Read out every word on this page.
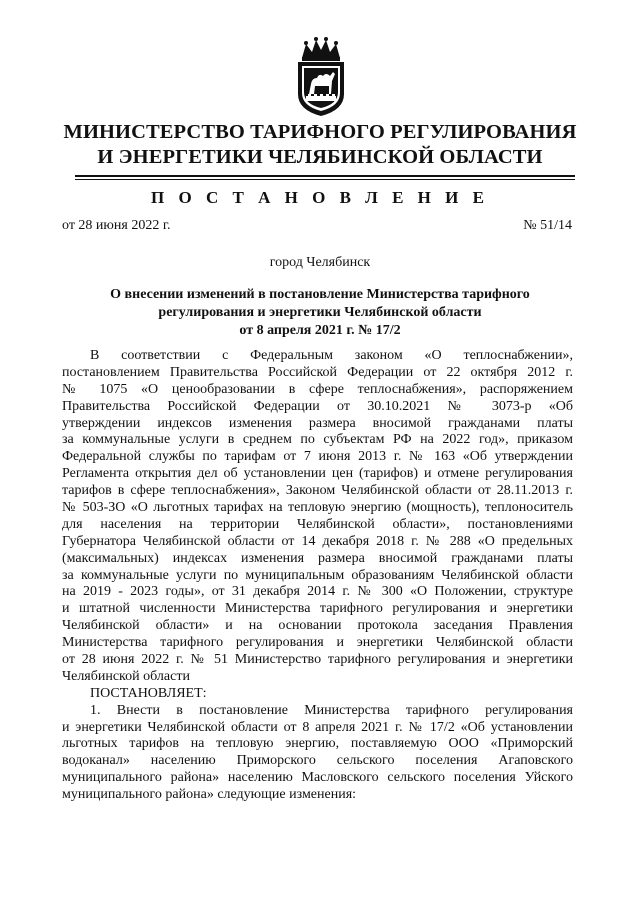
МИНИСТЕРСТВО ТАРИФНОГО РЕГУЛИРОВАНИЯ
И ЭНЕРГЕТИКИ ЧЕЛЯБИНСКОЙ ОБЛАСТИ
П О С Т А Н О В Л Е Н И Е
от 28 июня 2022 г.	№ 51/14
город Челябинск
О внесении изменений в постановление Министерства тарифного
регулирования и энергетики Челябинской области
от 8 апреля 2021 г. № 17/2
В соответствии с Федеральным законом «О теплоснабжении»,
постановлением Правительства Российской Федерации от 22 октября 2012 г.
№ 1075 «О ценообразовании в сфере теплоснабжения», распоряжением
Правительства Российской Федерации от 30.10.2021 № 3073-р «Об
утверждении индексов изменения размера вносимой гражданами платы
за коммунальные услуги в среднем по субъектам РФ на 2022 год», приказом
Федеральной службы по тарифам от 7 июня 2013 г. № 163 «Об утверждении
Регламента открытия дел об установлении цен (тарифов) и отмене регулирования
тарифов в сфере теплоснабжения», Законом Челябинской области от 28.11.2013 г.
№ 503-ЗО «О льготных тарифах на тепловую энергию (мощность), теплоноситель
для населения на территории Челябинской области», постановлениями
Губернатора Челябинской области от 14 декабря 2018 г. № 288 «О предельных
(максимальных) индексах изменения размера вносимой гражданами платы
за коммунальные услуги по муниципальным образованиям Челябинской области
на 2019 - 2023 годы», от 31 декабря 2014 г. № 300 «О Положении, структуре
и штатной численности Министерства тарифного регулирования и энергетики
Челябинской области» и на основании протокола заседания Правления
Министерства тарифного регулирования и энергетики Челябинской области
от 28 июня 2022 г. № 51 Министерство тарифного регулирования и энергетики
Челябинской области
ПОСТАНОВЛЯЕТ:
1. Внести в постановление Министерства тарифного регулирования
и энергетики Челябинской области от 8 апреля 2021 г. № 17/2 «Об установлении
льготных тарифов на тепловую энергию, поставляемую ООО «Приморский
водоканал» населению Приморского сельского поселения Агаповского
муниципального района» населению Масловского сельского поселения Уйского
муниципального района» следующие изменения:
